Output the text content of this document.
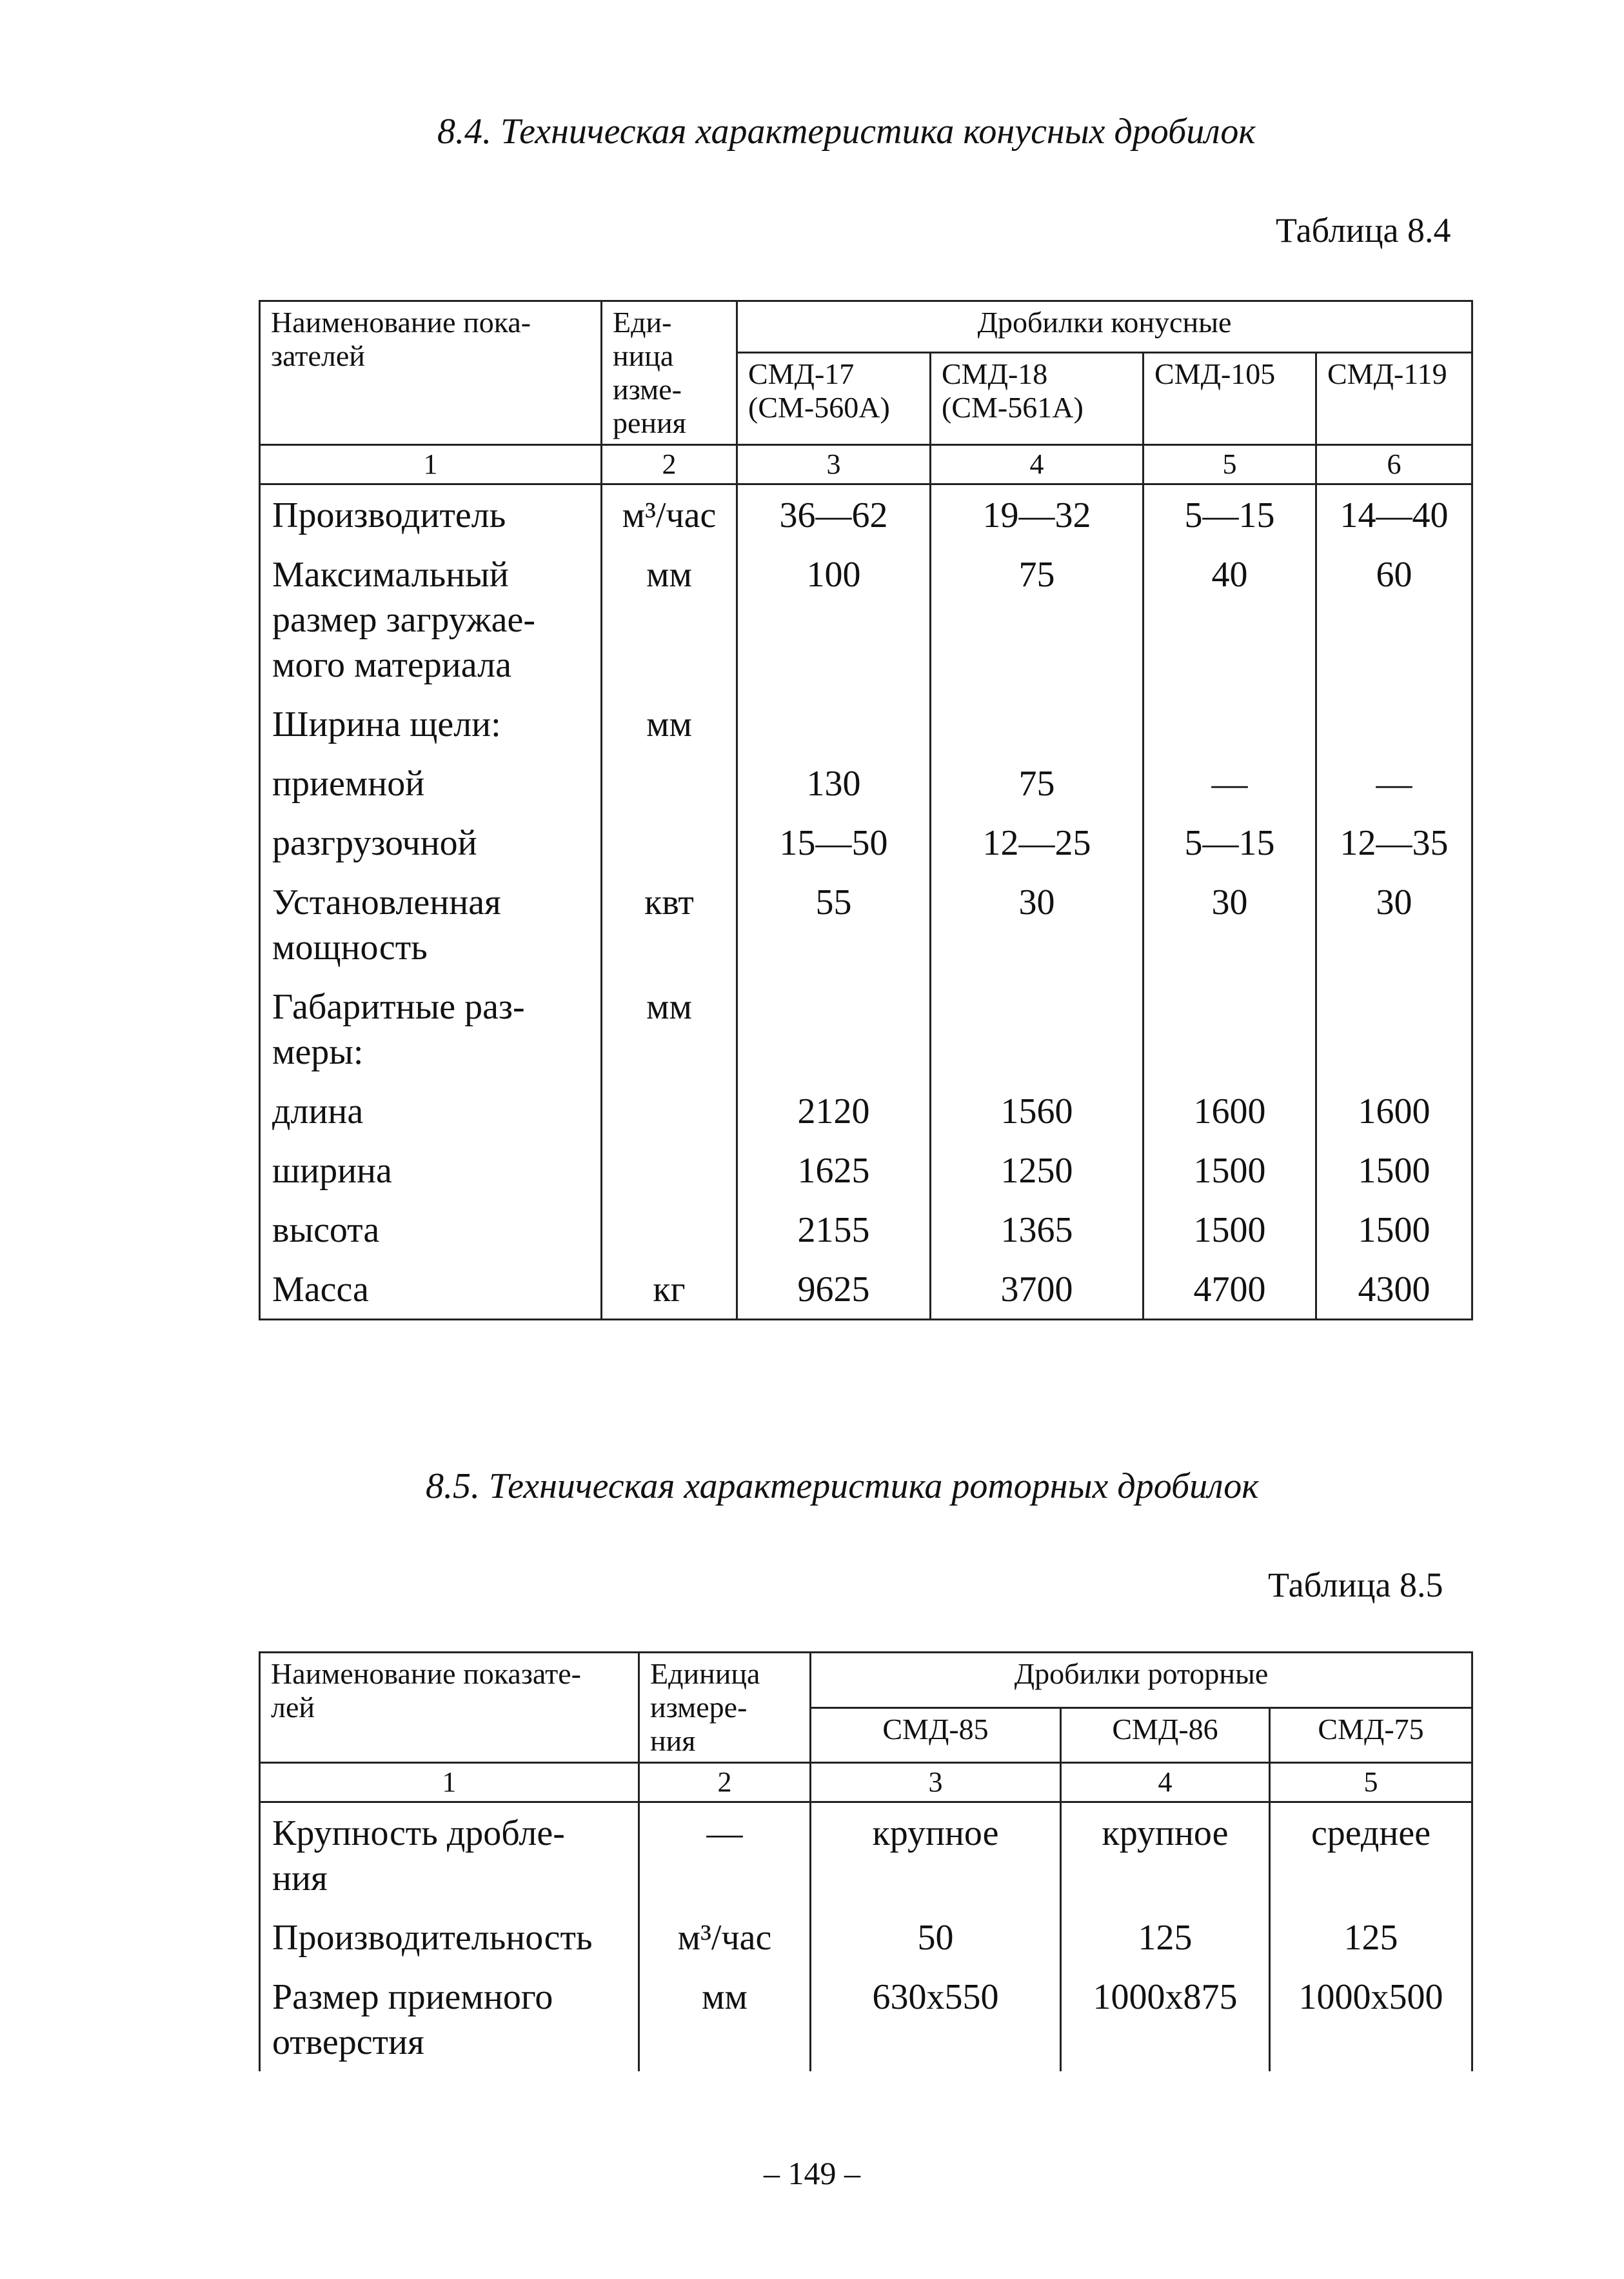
8.4. Техническая характеристика конусных дробилок
Таблица 8.4
Наименование пока-
зателей	Еди-
ница
изме-
рения	Дробилки конусные			
		СМД-17
(СМ-560А)	СМД-18
(СМ-561А)	СМД-105	СМД-119
1	2	3	4	5	6
Производитель	м³/час	36—62	19—32	5—15	14—40
Максимальный
размер загружае-
мого материала	мм	100	75	40	60
Ширина щели:	мм				
приемной		130	75	—	—
разгрузочной		15—50	12—25	5—15	12—35
Установленная
мощность	квт	55	30	30	30
Габаритные раз-
меры:	мм				
длина		2120	1560	1600	1600
ширина		1625	1250	1500	1500
высота		2155	1365	1500	1500
Масса	кг	9625	3700	4700	4300
8.5. Техническая характеристика роторных дробилок
Таблица 8.5
Наименование показате-
лей	Единица
измере-
ния	Дробилки роторные		
		СМД-85	СМД-86	СМД-75
1	2	3	4	5
Крупность дробле-
ния	—	крупное	крупное	среднее
Производительность	м³/час	50	125	125
Размер приемного
отверстия	мм	630х550	1000х875	1000х500
– 149 –
